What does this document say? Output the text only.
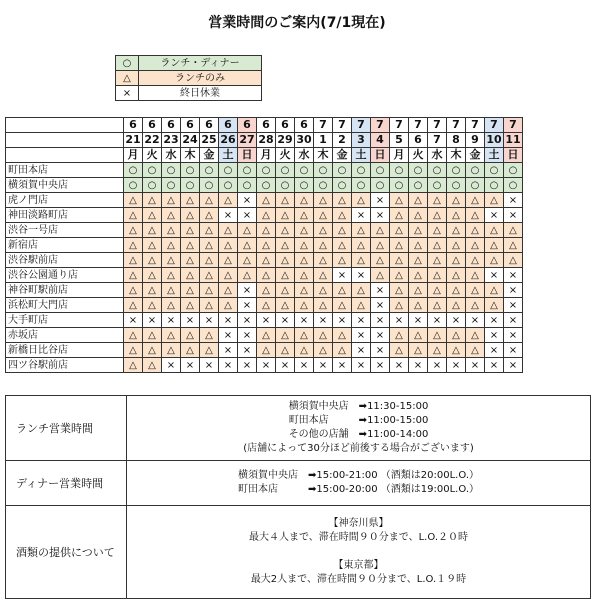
営業時間のご案内(7/1現在)
○	ランチ・ディナー
△	ランチのみ
×	終日休業
	6	6	6	6	6	6	6	6	6	6	7	7	7	7	7	7	7	7	7	7	7
	21	22	23	24	25	26	27	28	29	30	1	2	3	4	5	6	7	8	9	10	11
	月	火	水	木	金	土	日	月	火	水	木	金	土	日	月	火	水	木	金	土	日
町田本店	○	○	○	○	○	○	○	○	○	○	○	○	○	○	○	○	○	○	○	○	○
横須賀中央店	○	○	○	○	○	○	○	○	○	○	○	○	○	○	○	○	○	○	○	○	○
虎ノ門店	△	△	△	△	△	△	×	△	△	△	△	△	△	×	△	△	△	△	△	△	×
神田淡路町店	△	△	△	△	△	×	×	△	△	△	△	△	×	×	△	△	△	△	△	×	×
渋谷一号店	△	△	△	△	△	△	△	△	△	△	△	△	△	△	△	△	△	△	△	△	△
新宿店	△	△	△	△	△	△	△	△	△	△	△	△	△	△	△	△	△	△	△	△	△
渋谷駅前店	△	△	△	△	△	△	△	△	△	△	△	△	△	△	△	△	△	△	△	△	△
渋谷公園通り店	△	△	△	△	△	△	△	△	△	△	△	×	×	△	△	△	△	△	△	×	×
神谷町駅前店	△	△	△	△	△	△	×	△	△	△	△	△	△	×	△	△	△	△	△	△	×
浜松町大門店	△	△	△	△	△	△	×	△	△	△	△	△	△	×	△	△	△	△	△	△	×
大手町店	×	×	×	×	×	×	×	×	×	×	×	×	×	×	×	×	×	×	×	×	×
赤坂店	△	△	△	△	△	×	×	△	△	△	△	△	×	×	△	△	△	△	△	×	×
新橋日比谷店	△	△	△	△	△	×	×	△	△	△	△	△	×	×	△	△	△	△	△	×	×
四ツ谷駅前店	△	△	×	×	×	×	×	×	×	×	×	×	×	×	×	×	×	×	×	×	×
ランチ営業時間	横須賀中央店　➡11:30-15:00
町田本店　　　➡11:00-15:00
その他の店舗　➡11:00-14:00
(店舗によって30分ほど前後する場合がございます)

ディナー営業時間	横須賀中央店　➡15:00-21:00 （酒類は20:00L.O.）
町田本店　　　➡15:00-20:00 （酒類は19:00L.O.）

酒類の提供について	【神奈川県】
最大４人まで、滞在時間９０分まで、L.O.２０時

【東京都】
最大2人まで、滞在時間９０分まで、L.O.１９時
